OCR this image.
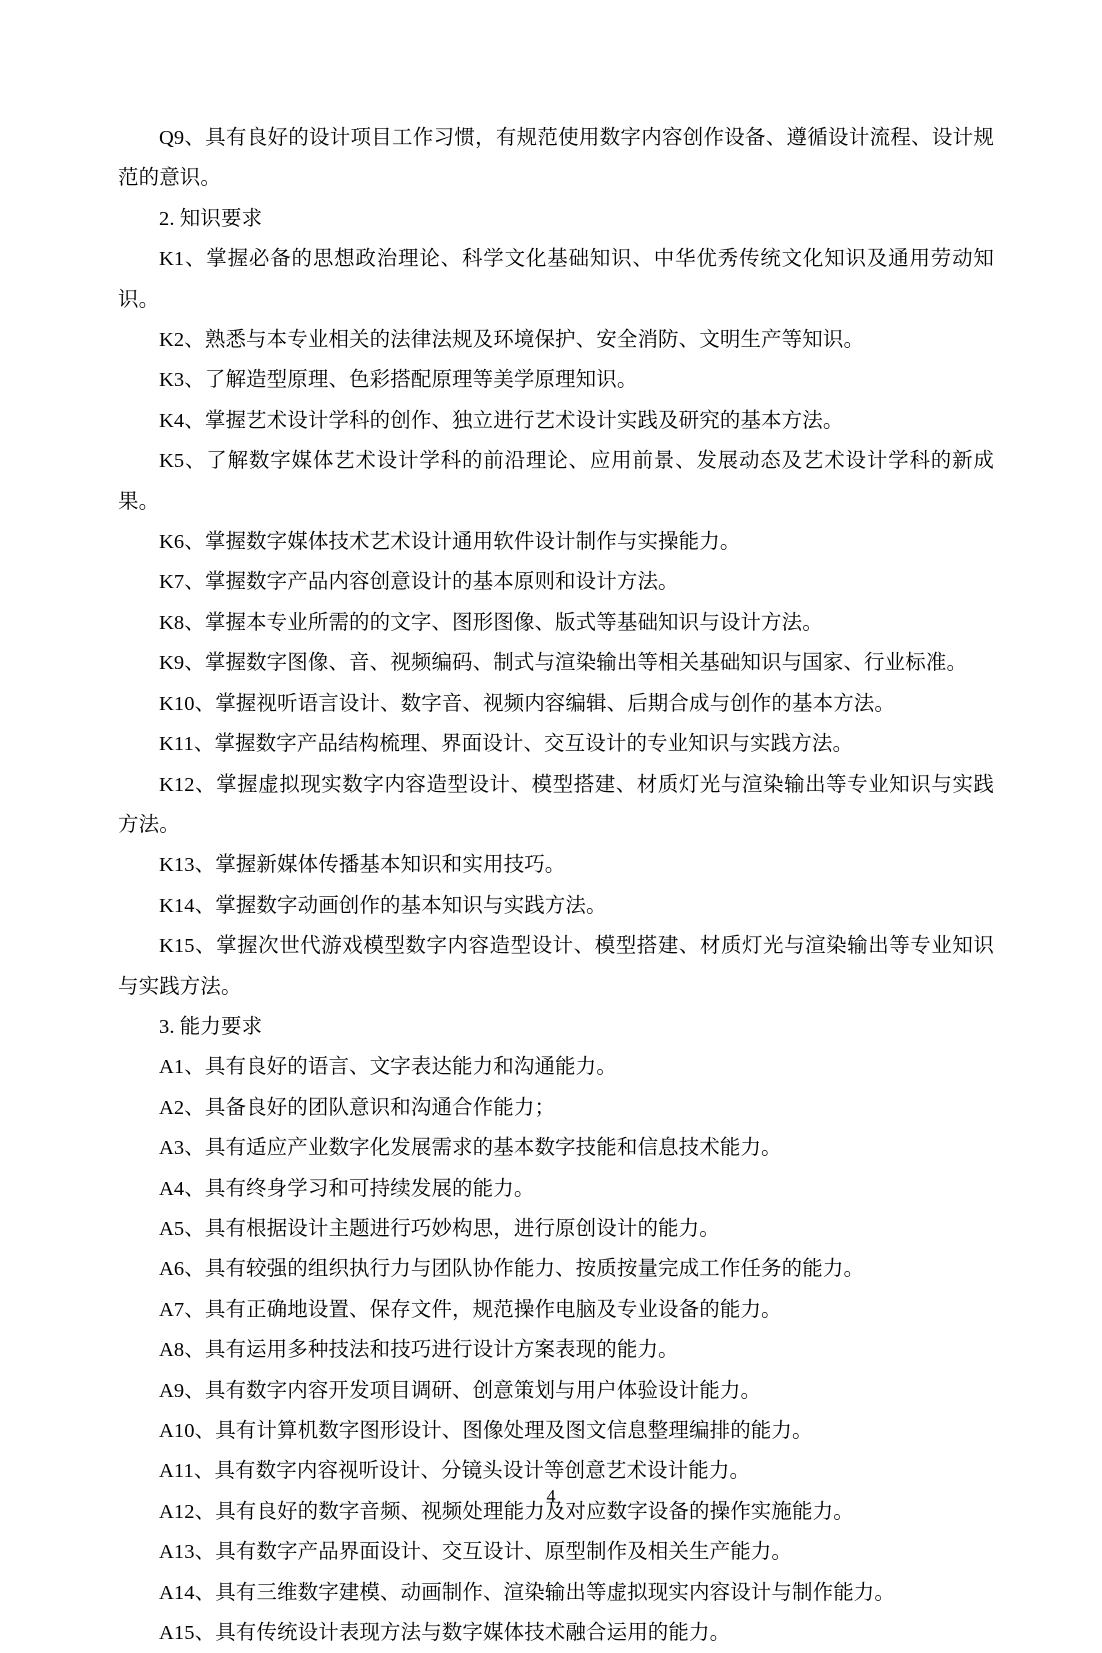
Q9、具有良好的设计项目工作习惯，有规范使用数字内容创作设备、遵循设计流程、设计规范的意识。

2. 知识要求

K1、掌握必备的思想政治理论、科学文化基础知识、中华优秀传统文化知识及通用劳动知识。

K2、熟悉与本专业相关的法律法规及环境保护、安全消防、文明生产等知识。

K3、了解造型原理、色彩搭配原理等美学原理知识。

K4、掌握艺术设计学科的创作、独立进行艺术设计实践及研究的基本方法。

K5、了解数字媒体艺术设计学科的前沿理论、应用前景、发展动态及艺术设计学科的新成果。

K6、掌握数字媒体技术艺术设计通用软件设计制作与实操能力。

K7、掌握数字产品内容创意设计的基本原则和设计方法。

K8、掌握本专业所需的的文字、图形图像、版式等基础知识与设计方法。

K9、掌握数字图像、音、视频编码、制式与渲染输出等相关基础知识与国家、行业标准。

K10、掌握视听语言设计、数字音、视频内容编辑、后期合成与创作的基本方法。

K11、掌握数字产品结构梳理、界面设计、交互设计的专业知识与实践方法。

K12、掌握虚拟现实数字内容造型设计、模型搭建、材质灯光与渲染输出等专业知识与实践方法。

K13、掌握新媒体传播基本知识和实用技巧。

K14、掌握数字动画创作的基本知识与实践方法。

K15、掌握次世代游戏模型数字内容造型设计、模型搭建、材质灯光与渲染输出等专业知识与实践方法。

3. 能力要求

A1、具有良好的语言、文字表达能力和沟通能力。

A2、具备良好的团队意识和沟通合作能力；

A3、具有适应产业数字化发展需求的基本数字技能和信息技术能力。

A4、具有终身学习和可持续发展的能力。

A5、具有根据设计主题进行巧妙构思，进行原创设计的能力。

A6、具有较强的组织执行力与团队协作能力、按质按量完成工作任务的能力。

A7、具有正确地设置、保存文件，规范操作电脑及专业设备的能力。

A8、具有运用多种技法和技巧进行设计方案表现的能力。

A9、具有数字内容开发项目调研、创意策划与用户体验设计能力。

A10、具有计算机数字图形设计、图像处理及图文信息整理编排的能力。

A11、具有数字内容视听设计、分镜头设计等创意艺术设计能力。

A12、具有良好的数字音频、视频处理能力及对应数字设备的操作实施能力。

A13、具有数字产品界面设计、交互设计、原型制作及相关生产能力。

A14、具有三维数字建模、动画制作、渲染输出等虚拟现实内容设计与制作能力。

A15、具有传统设计表现方法与数字媒体技术融合运用的能力。

4
